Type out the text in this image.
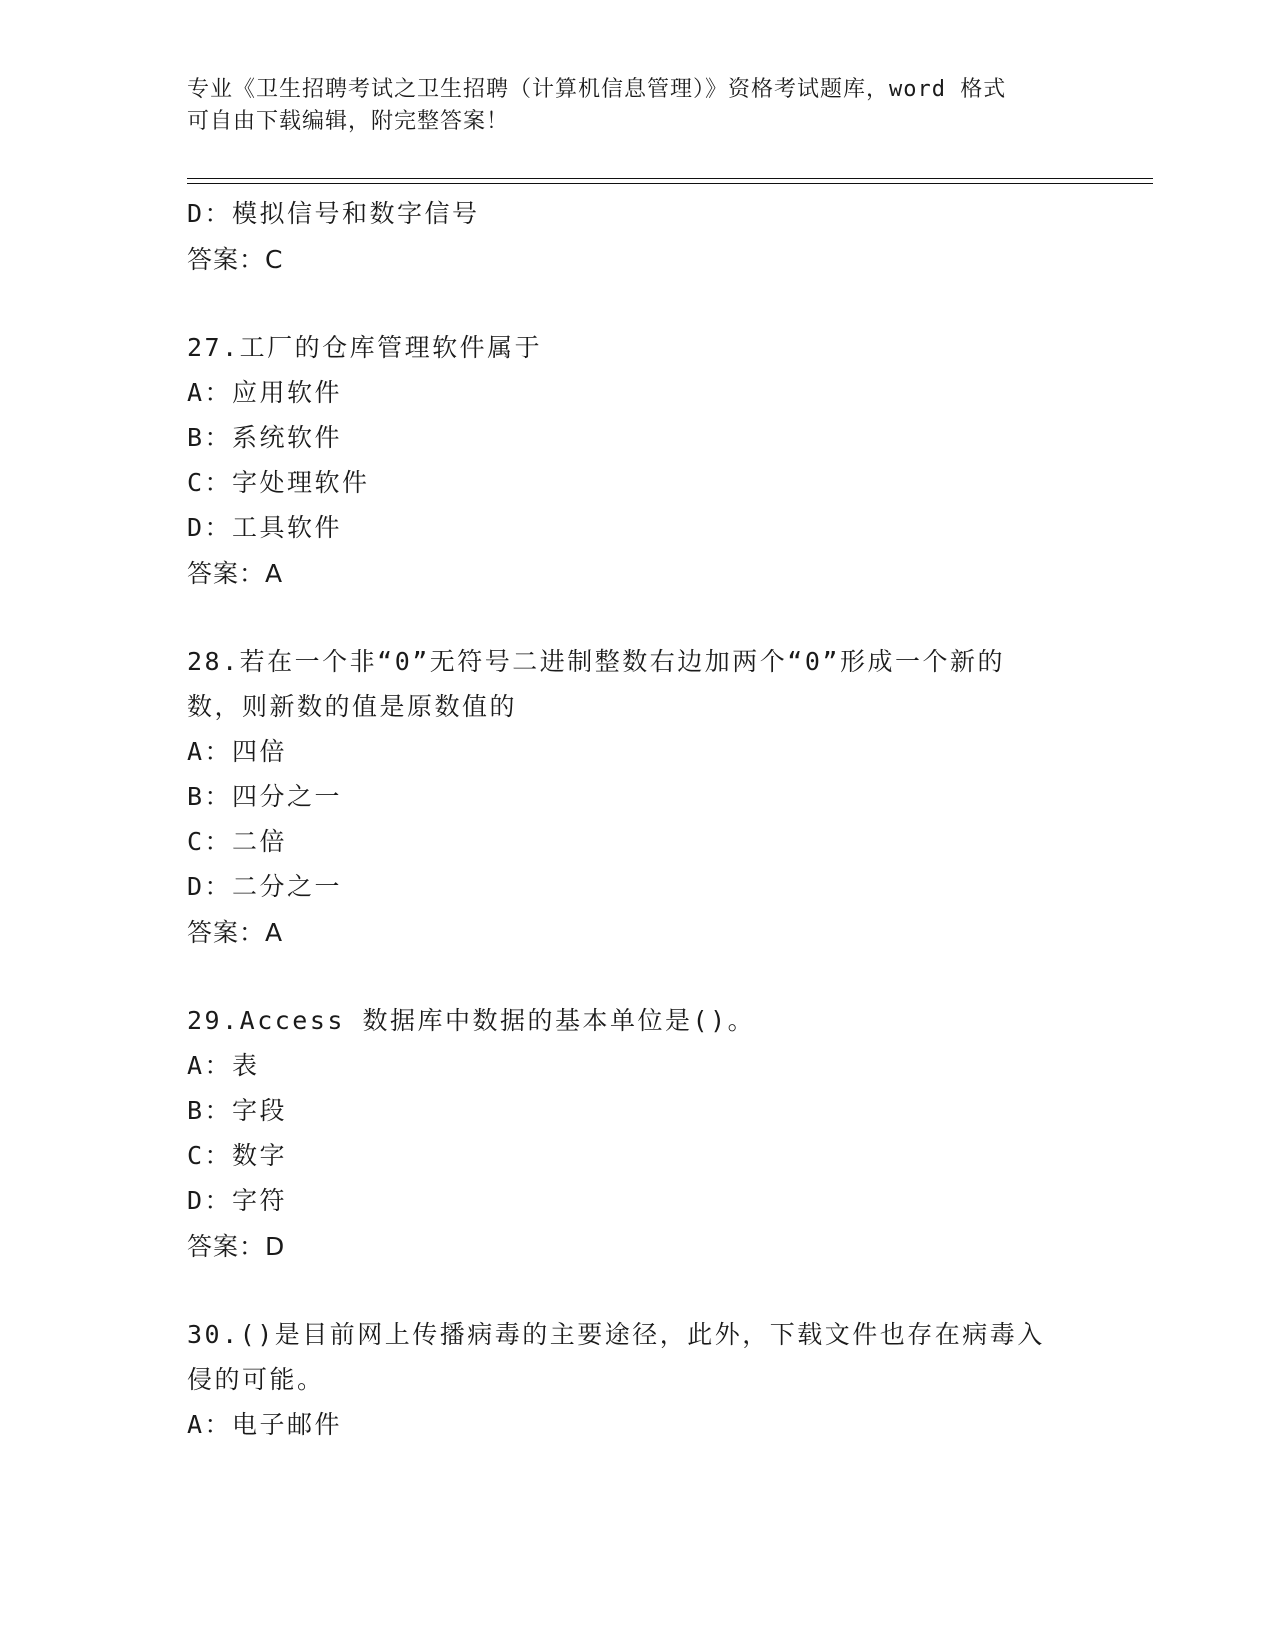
专业《卫生招聘考试之卫生招聘（计算机信息管理）》资格考试题库，word 格式
可自由下载编辑，附完整答案！
D：模拟信号和数字信号
答案：C
27.工厂的仓库管理软件属于
A：应用软件
B：系统软件
C：字处理软件
D：工具软件
答案：A
28.若在一个非“0”无符号二进制整数右边加两个“0”形成一个新的
数，则新数的值是原数值的
A：四倍
B：四分之一
C：二倍
D：二分之一
答案：A
29.Access 数据库中数据的基本单位是()。
A：表
B：字段
C：数字
D：字符
答案：D
30.()是目前网上传播病毒的主要途径，此外，下载文件也存在病毒入
侵的可能。
A：电子邮件
